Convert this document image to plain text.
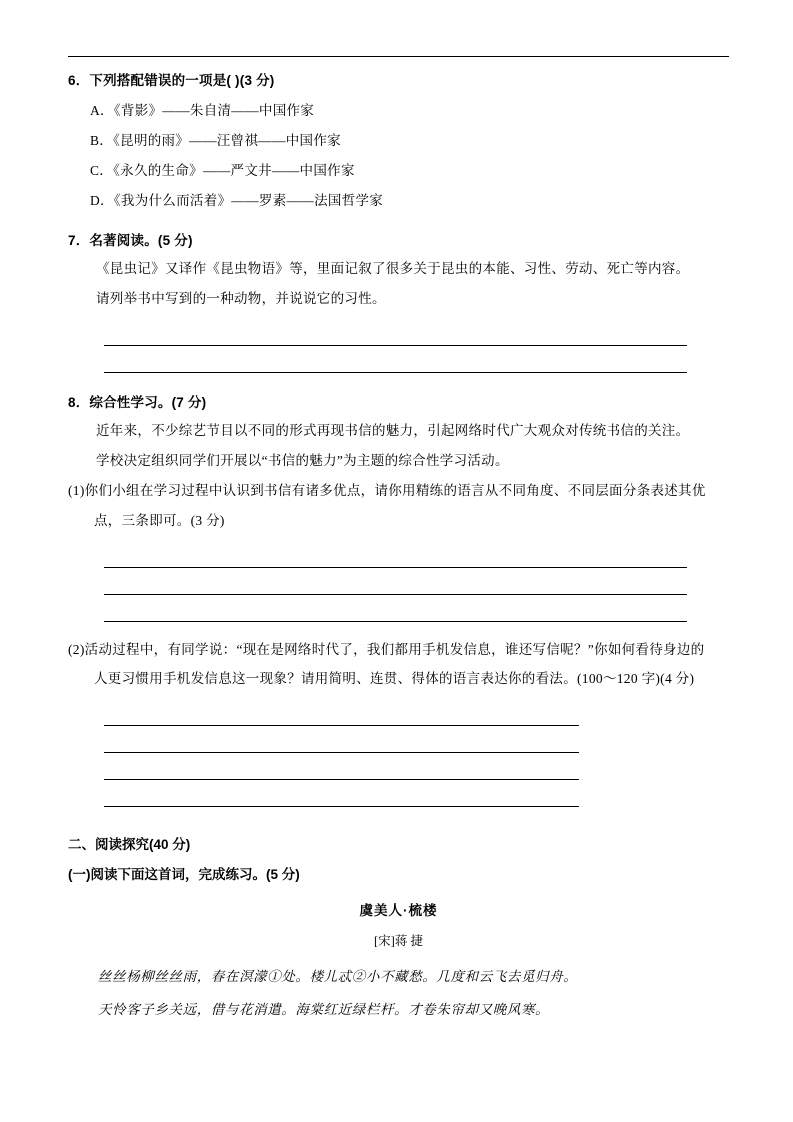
6．下列搭配错误的一项是( )(3 分)
A．《背影》——朱自清——中国作家
B．《昆明的雨》——汪曾祺——中国作家
C．《永久的生命》——严文井——中国作家
D．《我为什么而活着》——罗素——法国哲学家
7．名著阅读。(5 分)
《昆虫记》又译作《昆虫物语》等，里面记叙了很多关于昆虫的本能、习性、劳动、死亡等内容。
请列举书中写到的一种动物，并说说它的习性。
8．综合性学习。(7 分)
近年来，不少综艺节目以不同的形式再现书信的魅力，引起网络时代广大观众对传统书信的关注。
学校决定组织同学们开展以“书信的魅力”为主题的综合性学习活动。
(1)你们小组在学习过程中认识到书信有诸多优点，请你用精练的语言从不同角度、不同层面分条表述其优
点，三条即可。(3 分)
(2)活动过程中，有同学说：“现在是网络时代了，我们都用手机发信息，谁还写信呢？”你如何看待身边的
人更习惯用手机发信息这一现象？请用简明、连贯、得体的语言表达你的看法。(100～120 字)(4 分)
二、阅读探究(40 分)
(一)阅读下面这首词，完成练习。(5 分)
虞美人·梳楼
[宋]蒋 捷
丝丝杨柳丝丝雨，春在溟濛①处。楼儿忒②小不藏愁。几度和云飞去觅归舟。
天怜客子乡关远，借与花消遣。海棠红近绿栏杆。才卷朱帘却又晚风寒。
